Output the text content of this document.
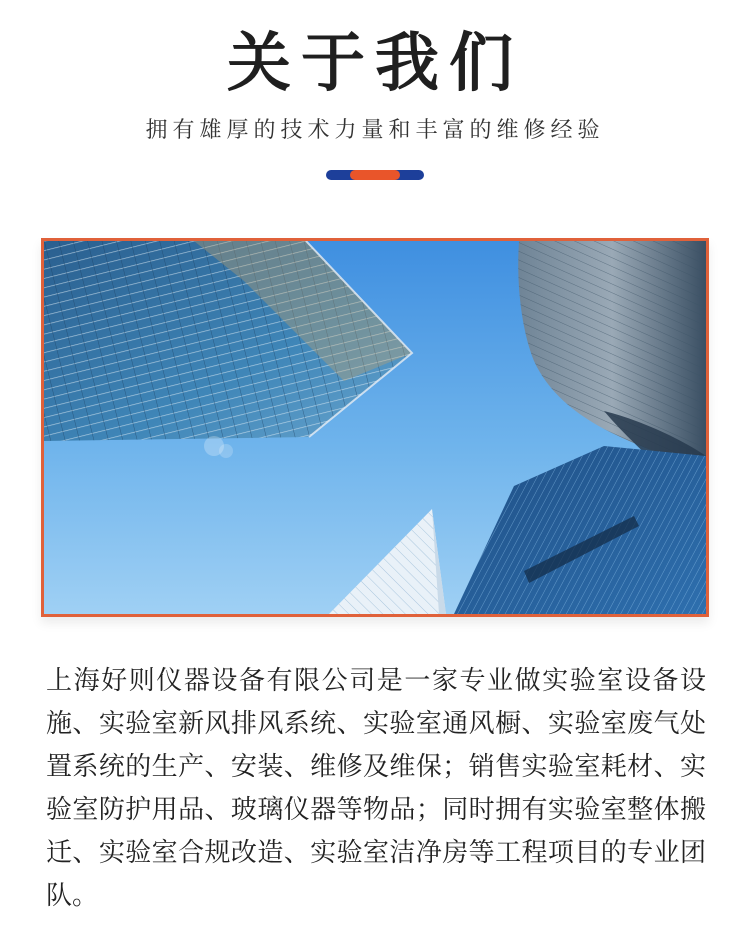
关于我们
拥有雄厚的技术力量和丰富的维修经验

上海好则仪器设备有限公司是一家专业做实验室设备设施、实验室新风排风系统、实验室通风橱、实验室废气处置系统的生产、安装、维修及维保；销售实验室耗材、实验室防护用品、玻璃仪器等物品；同时拥有实验室整体搬迁、实验室合规改造、实验室洁净房等工程项目的专业团队。
